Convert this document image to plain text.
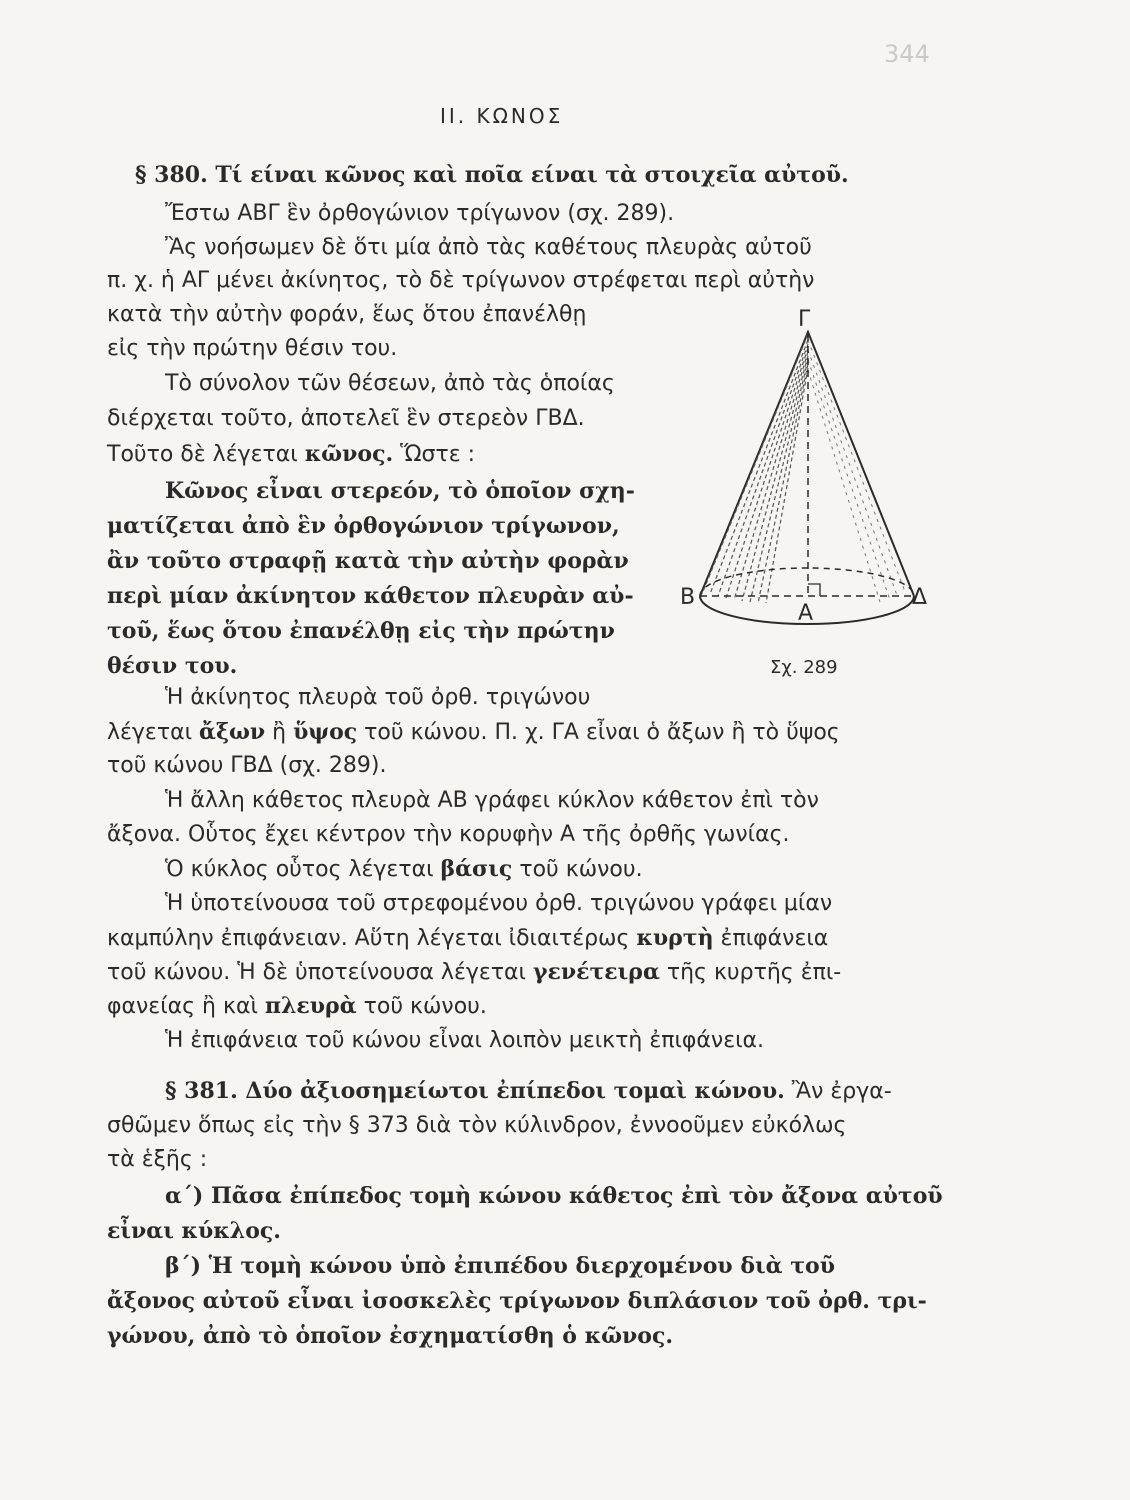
344
ΙΙ. ΚΩΝΟΣ
§ 380. Τί είναι κῶνος καὶ ποῖα είναι τὰ στοιχεῖα αὐτοῦ.
Ἔστω ΑΒΓ ἓν ὀρθογώνιον τρίγωνον (σχ. 289).
Ἂς νοήσωμεν δὲ ὅτι μία ἀπὸ τὰς καθέτους πλευρὰς αὐτοῦ
π. χ. ἡ ΑΓ μένει ἀκίνητος, τὸ δὲ τρίγωνον στρέφεται περὶ αὐτὴν
κατὰ τὴν αὐτὴν φοράν, ἕως ὅτου ἐπανέλθῃ
εἰς τὴν πρώτην θέσιν του.
Τὸ σύνολον τῶν θέσεων, ἀπὸ τὰς ὁποίας
διέρχεται τοῦτο, ἀποτελεῖ ἓν στερεὸν ΓΒΔ.
Τοῦτο δὲ λέγεται κῶνος. Ὥστε :
Κῶνος εἶναι στερεόν, τὸ ὁποῖον σχη-
ματίζεται ἀπὸ ἓν ὀρθογώνιον τρίγωνον,
ἂν τοῦτο στραφῇ κατὰ τὴν αὐτὴν φορὰν
περὶ μίαν ἀκίνητον κάθετον πλευρὰν αὐ-
τοῦ, ἕως ὅτου ἐπανέλθῃ εἰς τὴν πρώτην
θέσιν του.
Ἡ ἀκίνητος πλευρὰ τοῦ ὀρθ. τριγώνου
λέγεται ἄξων ἢ ὕψος τοῦ κώνου. Π. χ. ΓΑ εἶναι ὁ ἄξων ἢ τὸ ὕψος
τοῦ κώνου ΓΒΔ (σχ. 289).
Ἡ ἄλλη κάθετος πλευρὰ ΑΒ γράφει κύκλον κάθετον ἐπὶ τὸν
ἄξονα. Οὗτος ἔχει κέντρον τὴν κορυφὴν Α τῆς ὀρθῆς γωνίας.
Ὁ κύκλος οὗτος λέγεται βάσις τοῦ κώνου.
Ἡ ὑποτείνουσα τοῦ στρεφομένου ὀρθ. τριγώνου γράφει μίαν
καμπύλην ἐπιφάνειαν. Αὕτη λέγεται ἰδιαιτέρως κυρτὴ ἐπιφάνεια
τοῦ κώνου. Ἡ δὲ ὑποτείνουσα λέγεται γενέτειρα τῆς κυρτῆς ἐπι-
φανείας ἢ καὶ πλευρὰ τοῦ κώνου.
Ἡ ἐπιφάνεια τοῦ κώνου εἶναι λοιπὸν μεικτὴ ἐπιφάνεια.
§ 381. Δύο ἀξιοσημείωτοι ἐπίπεδοι τομαὶ κώνου. Ἂν ἐργα-
σθῶμεν ὅπως εἰς τὴν § 373 διὰ τὸν κύλινδρον, ἐννοοῦμεν εὐκόλως
τὰ ἑξῆς :
α΄) Πᾶσα ἐπίπεδος τομὴ κώνου κάθετος ἐπὶ τὸν ἄξονα αὐτοῦ
εἶναι κύκλος.
β΄) Ἡ τομὴ κώνου ὑπὸ ἐπιπέδου διερχομένου διὰ τοῦ
ἄξονος αὐτοῦ εἶναι ἰσοσκελὲς τρίγωνον διπλάσιον τοῦ ὀρθ. τρι-
γώνου, ἀπὸ τὸ ὁποῖον ἐσχηματίσθη ὁ κῶνος.
Γ
Β
Α
Δ
Σχ. 289
